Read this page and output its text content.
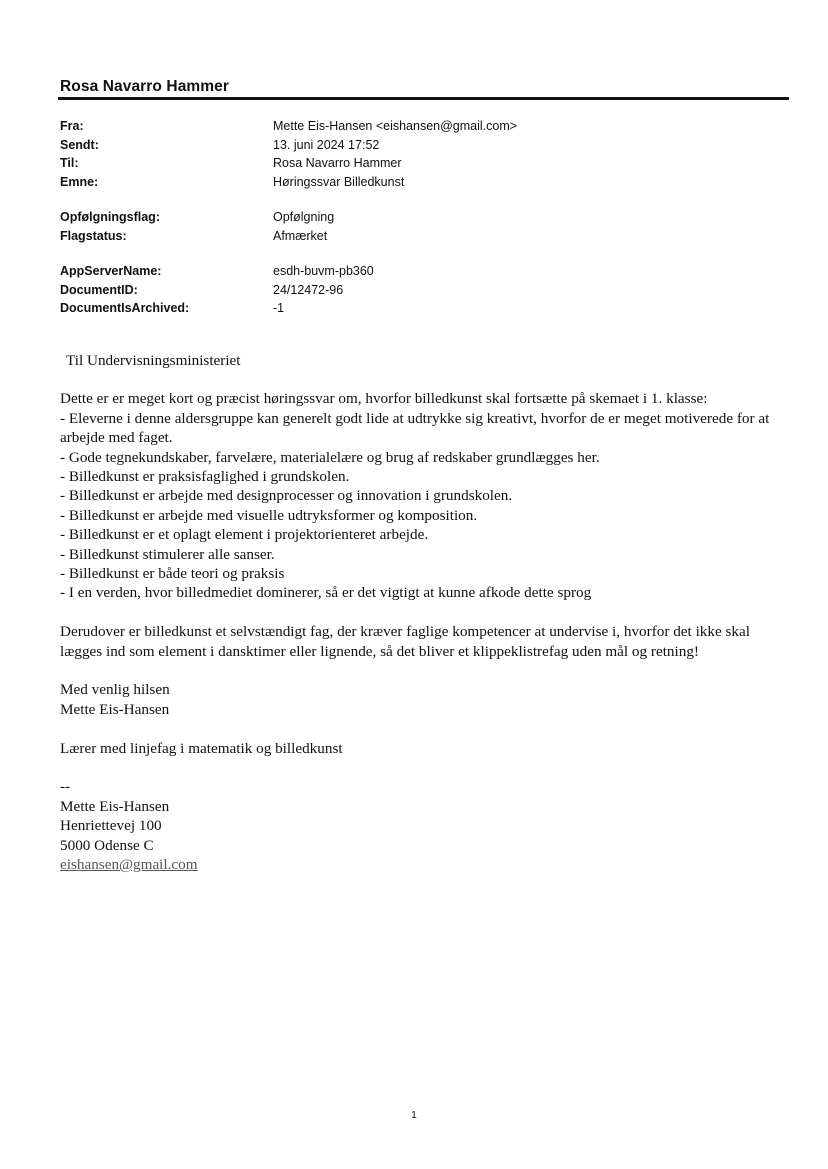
Rosa Navarro Hammer
Fra:	Mette Eis-Hansen <eishansen@gmail.com>
Sendt:	13. juni 2024 17:52
Til:	Rosa Navarro Hammer
Emne:	Høringssvar Billedkunst
Opfølgningsflag:	Opfølgning
Flagstatus:	Afmærket
AppServerName:	esdh-buvm-pb360
DocumentID:	24/12472-96
DocumentIsArchived:	-1

Til Undervisningsministeriet

Dette er er meget kort og præcist høringssvar om, hvorfor billedkunst skal fortsætte på skemaet i 1. klasse:

- Eleverne i denne aldersgruppe kan generelt godt lide at udtrykke sig kreativt, hvorfor de er meget motiverede for at arbejde med faget.

- Gode tegnekundskaber, farvelære, materialelære og brug af redskaber grundlægges her.

- Billedkunst er praksisfaglighed i grundskolen.

- Billedkunst er arbejde med designprocesser og innovation i grundskolen.

- Billedkunst er arbejde med visuelle udtryksformer og komposition.

- Billedkunst er et oplagt element i projektorienteret arbejde.

- Billedkunst stimulerer alle sanser.

- Billedkunst er både teori og praksis

- I en verden, hvor billedmediet dominerer, så er det vigtigt at kunne afkode dette sprog

Derudover er billedkunst et selvstændigt fag, der kræver faglige kompetencer at undervise i, hvorfor det ikke skal lægges ind som element i dansktimer eller lignende, så det bliver et klippeklistrefag uden mål og retning!

Med venlig hilsen

Mette Eis-Hansen

Lærer med linjefag i matematik og billedkunst

--

Mette Eis-Hansen

Henriettevej 100

5000 Odense C

eishansen@gmail.com

1
